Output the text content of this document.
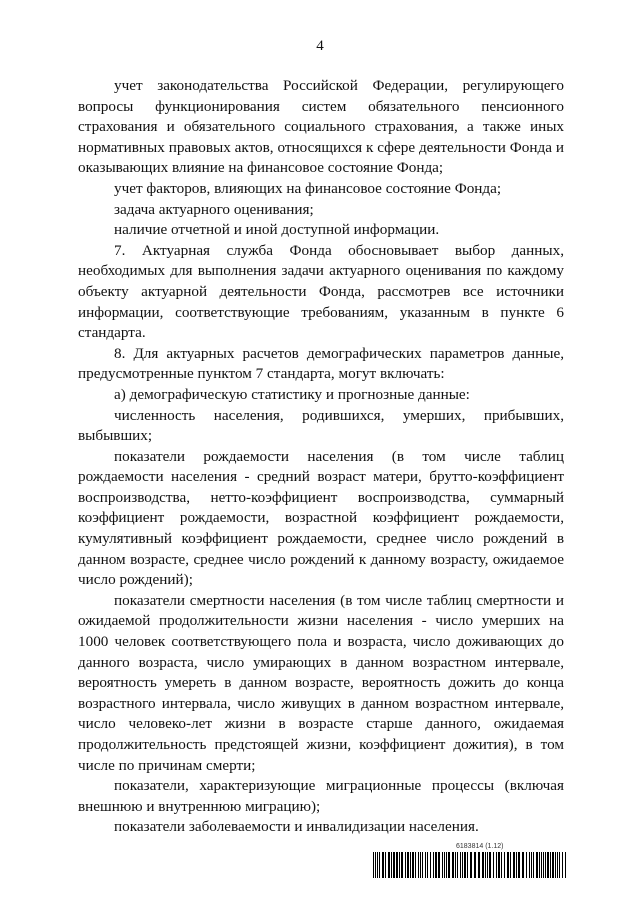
4

учет законодательства Российской Федерации, регулирующего вопросы функционирования систем обязательного пенсионного страхования и обязательного социального страхования, а также иных нормативных правовых актов, относящихся к сфере деятельности Фонда и оказывающих влияние на финансовое состояние Фонда;

учет факторов, влияющих на финансовое состояние Фонда;

задача актуарного оценивания;

наличие отчетной и иной доступной информации.

7. Актуарная служба Фонда обосновывает выбор данных, необходимых для выполнения задачи актуарного оценивания по каждому объекту актуарной деятельности Фонда, рассмотрев все источники информации, соответствующие требованиям, указанным в пункте 6 стандарта.

8. Для актуарных расчетов демографических параметров данные, предусмотренные пунктом 7 стандарта, могут включать:

а) демографическую статистику и прогнозные данные:

численность населения, родившихся, умерших, прибывших, выбывших;

показатели рождаемости населения (в том числе таблиц рождаемости населения - средний возраст матери, брутто-коэффициент воспроизводства, нетто-коэффициент воспроизводства, суммарный коэффициент рождаемости, возрастной коэффициент рождаемости, кумулятивный коэффициент рождаемости, среднее число рождений в данном возрасте, среднее число рождений к данному возрасту, ожидаемое число рождений);

показатели смертности населения (в том числе таблиц смертности и ожидаемой продолжительности жизни населения - число умерших на 1000 человек соответствующего пола и возраста, число доживающих до данного возраста, число умирающих в данном возрастном интервале, вероятность умереть в данном возрасте, вероятность дожить до конца возрастного интервала, число живущих в данном возрастном интервале, число человеко-лет жизни в возрасте старше данного, ожидаемая продолжительность предстоящей жизни, коэффициент дожития), в том числе по причинам смерти;

показатели, характеризующие миграционные процессы (включая внешнюю и внутреннюю миграцию);

показатели заболеваемости и инвалидизации населения.

6183814 (1.12)
